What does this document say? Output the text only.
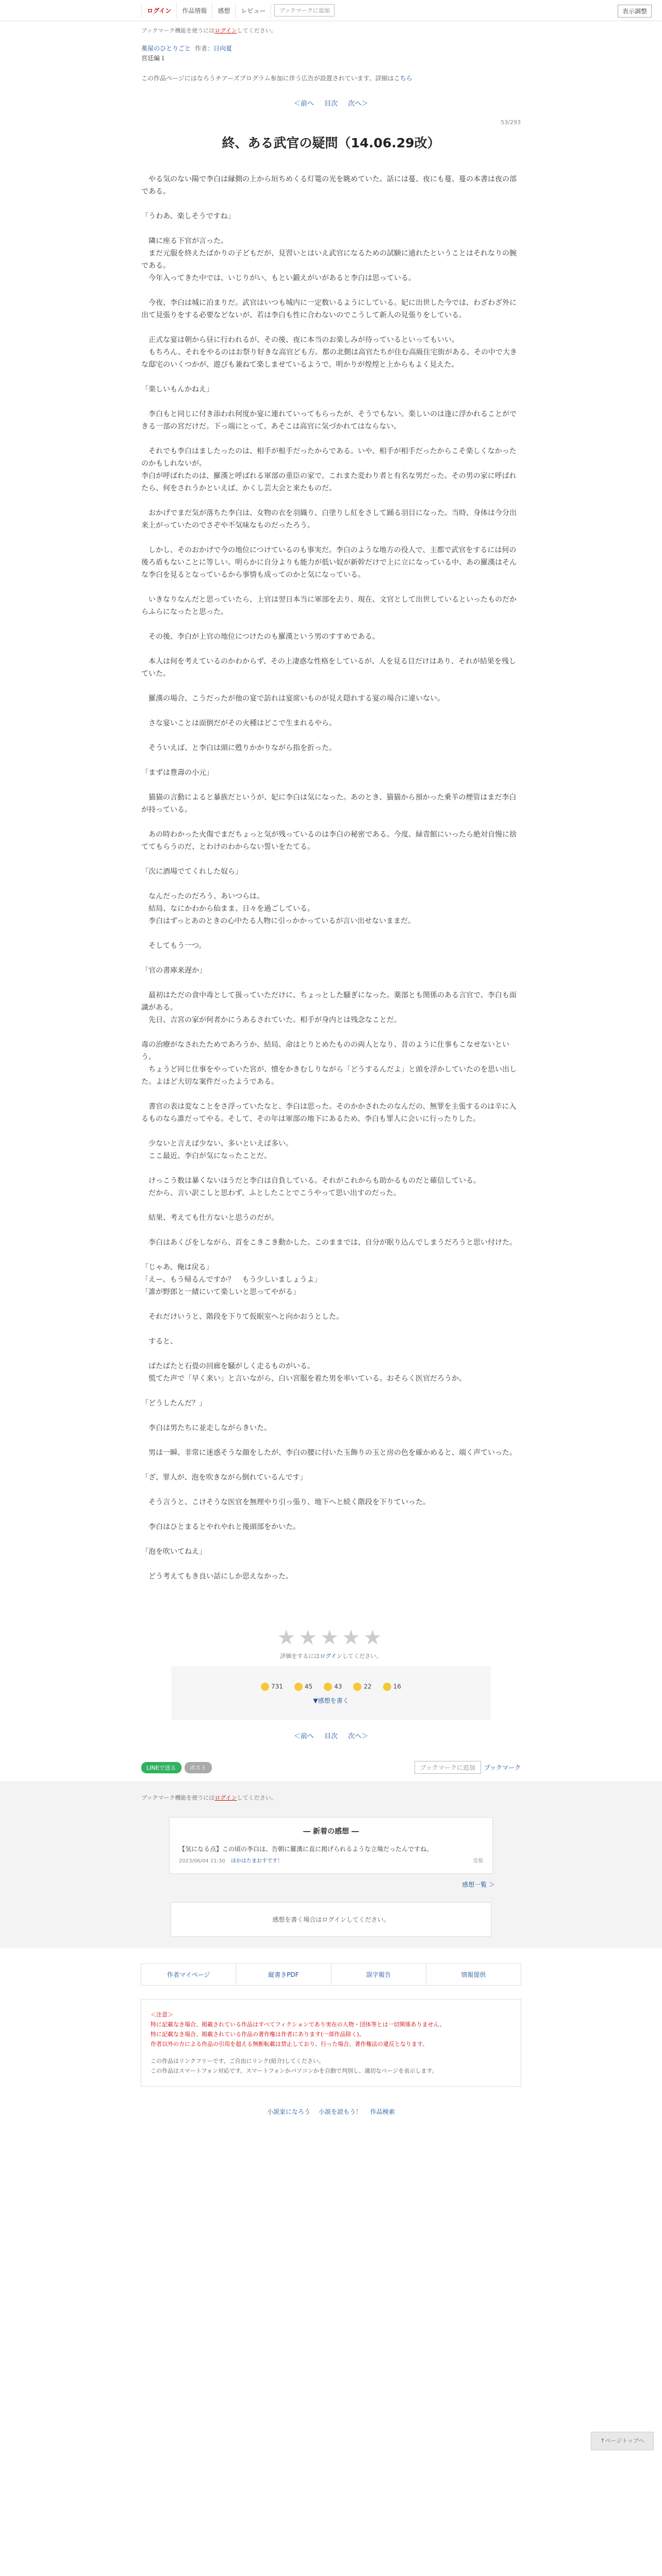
ログイン	作品情報	感想	レビュー	ブックマークに追加	表示調整
ブックマーク機能を使うにはログインしてください。
薬屋のひとりごと 作者：日向夏
宮廷編１
この作品ページにはなろうチアーズプログラム参加に伴う広告が設置されています。詳細はこちら
＜前へ 目次 次へ＞
53/293
終、ある武官の疑問（14.06.29改）

　やる気のない陽で李白は縁側の上から垣ちめくる灯篭の光を眺めていた。話には蔓、夜にも蔓、蔓の本書は夜の部である。

「うわあ、楽しそうですね」

　隣に座る下官が言った。

　まだ元服を終えたばかりの子どもだが、見習いとはいえ武官になるための試験に通れたということはそれなりの腕である。

　今年入ってきた中では、いじりがい、もとい鍛えがいがあると李白は思っている。

　今夜、李白は城に泊まりだ。武官はいつも城内に一定数いるようにしている。妃に出世した今では、わざわざ外に出て見張りをする必要などないが、若は李白も性に合わないのでこうして新人の見張りをしている。

　正式な宴は朝から昼に行われるが、その後、夜に本当のお楽しみが待っているといってもいい。

　もちろん、それをやるのはお祭り好きな高官ども方。都の北側は高官たちが住む高級住宅街がある。その中で大きな邸宅のいくつかが、遊びも兼ねて楽しませているようで、明かりが煌煌と上からもよく見えた。

「楽しいもんかねえ」

　李白もと同じに付き添われ何度か宴に連れていってもらったが、そうでもない。楽しいのは逢に浮かれることができる一部の宮だけだ。下っ端にとって、あそこは高官に気づかれてはならない。

　それでも李白はましたったのは、相手が根手だったからである。いや、相手が相手だったからこそ楽しくなかったのかもしれないが。

李白が呼ばれたのは、羅漢と呼ばれる軍部の重臣の家で、これまた変わり者と有名な男だった。その男の家に呼ばれたら、何をされうかといえば、かくし芸大会と来たものだ。

　おかげでまだ気が落ちた李白は、女物の衣を羽織り、白塗りし紅をさして踊る羽目になった。当時、身体は今分出来上がっていたのでさぞや不気味なものだったろう。

　しかし、そのおかげで今の地位につけているのも事実だ。李白のような地方の役人で、主都で武官をするには何の後ろ盾もないことに等しい。明らかに自分よりも能力が低い奴が新幹だけで上に立になっている中、あの羅漢はそんな李白を見るとなっているから事情も成ってのかと気になっている。

　いきなりなんだと思っていたら、上官は翌日本当に軍部を去り、現在、文官として出世しているといったものだからふらになったと思った。

　その後、李白が上官の地位につけたのも羅漢という男のすすめである。

　本人は何を考えているのかわからず、その上凄惑な性格をしているが、人を見る目だけはあり、それが結果を残していた。

　羅漢の場合、こうだったが他の宴で訪れは宴席いものが見え隠れする宴の場合に違いない。

　さな宴いことは面倒だがその火種はどこで生まれるやら。

　そういえば、と李白は頭に甦りかかりながら指を折った。

「まずは豊壽の小元」

　猫猫の言動によると暴族だというが、妃に李白は気になった。あのとき、猫猫から預かった乗羊の煙管はまだ李白が持っている。

　あの時わかった火傷でまだちょっと気が残っているのは李白の秘密である。今度、緑青館にいったら絶対自慢に捨ててもらうのだ、とわけのわからない誓いをたてる。

「次に酒場でてくれした奴ら」

　なんだったのだろう、あいつらは。

　結局、なにかわから仙まま、日々を過ごしている。

　李白はずっとあのときの心中たる人物に引っかかっているが言い出せないままだ。

　そしてもう一つ。

「官の書庫来遅か」

　最初はただの食中毒として扱っていただけに、ちょっとした騒ぎになった。薬部とも関係のある言官で、李白も面識がある。

　先日、吉宮の家が何者かにうあるされていた。相手が身内とは残念なことだ。

毒の治療がなされたためであろうか、結局、命はとりとめたものの両人となり、昔のように仕事もこなせないという。

　ちょうど同じ仕事をやっていた宮が、憤をかきむしりながら「どうするんだよ」と頭を浮かしていたのを思い出した。よほど大切な案件だったようである。

　書官の表は変なことをさ浮っていたなと、李白は思った。そのかかされたのなんだの、無罪を主張するのは辛に入るものなら誰だってやる。そして、その年は軍部の地下にあるため、李白も罪人に会いに行ったりした。

　少ないと言えば少ない、多いといえば多い。

　ここ最近、李白が気になったことだ。

　けっこう数は暴くないほうだと李白は自負している。それがこれからも助かるものだと確信している。

　だから、言い訳こしと思わず、ふとしたことでこうやって思い出すのだった。

　結果、考えても仕方ないと思うのだが。

　李白はあくびをしながら、首をこきこき動かした。このままでは、自分が眠り込んでしまうだろうと思い付けた。

「じゃあ、俺は戻る」

「えー、もう帰るんですか？　もう少しいましょうよ」

「誰が野郎と一緒にいて楽しいと思ってやがる」

　それだけいうと、階段を下りて仮眠室へと向かおうとした。

　すると、

　ばたばたと石畳の回廊を騒がしく走るものがいる。

　慌てた声で「早く来い」と言いながら、白い宮服を着た男を率いている。おそらく医官だろうか。

「どうしたんだ？」

　李白は男たちに並走しながらきいた。

　男は一瞬、非常に迷惑そうな顔をしたが、李白の腰に付いた玉飾りの玉と房の色を確かめると、端く声ていった。

「ざ、罪人が、泡を吹きながら倒れているんです」

　そう言うと、こけそうな医官を無理やり引っ張り、地下へと続く階段を下りていった。

　李白はひとまるとやれやれと後頭部をかいた。

「泡を吹いてねえ」

　どう考えてもき良い話にしか思えなかった。

★★★★★
評価をするにはログインしてください。
731	45	43	22	16
▼感想を書く
＜前へ 目次 次へ＞
LINEで送る	ポスト	ブックマークに追加	ブックマーク
ブックマーク機能を使うにはログインしてください。
― 新着の感想 ―
【気になる点】この頃の李白は、告朝に羅漢に直に掲げられるような立場だったんですね。
2023/06/04 21:30 ほかはたまおすです！	受報
感想一覧 ＞
感想を書く場合はログインしてください。
作者マイページ	縦書きPDF	誤字報告	情報提供
＜注意＞
特に記載なき場合、掲載されている作品はすべてフィクションであり実在の人物・団体等とは一切関係ありません。
特に記載なき場合、掲載されている作品の著作権は作者にあります(一部作品除く)。
作者以外の方による作品の引用を超える無断転載は禁止しており、行った場合、著作権法の違反となります。
この作品はリンクフリーです。ご自由にリンク(紹介)してください。
この作品はスマートフォン対応です。スマートフォンかパソコンかを自動で判別し、適切なページを表示します。
小説家になろう 小説を読もう！ 作品検索
↑ページトップへ
